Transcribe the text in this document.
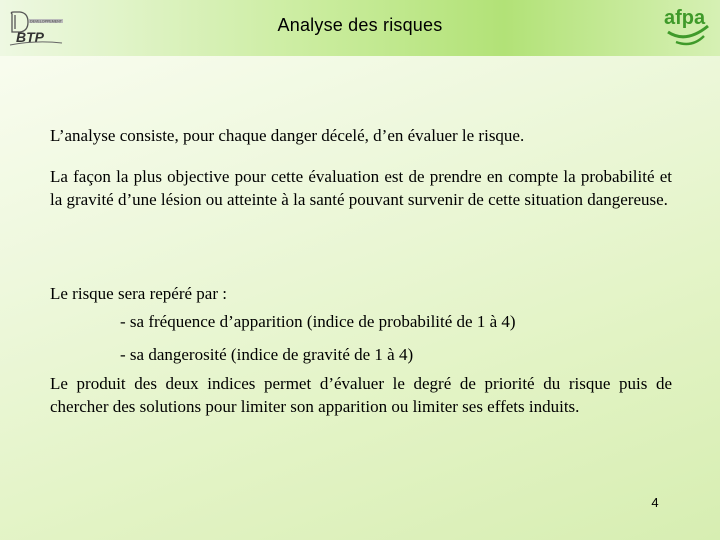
DEVELOPPEMENT
BTP
Analyse des risques	afpa
L’analyse consiste, pour chaque danger décelé, d’en évaluer le risque.
La façon la plus objective pour cette évaluation est de prendre en compte la probabilité et la gravité d’une lésion ou atteinte à la santé pouvant survenir de cette situation dangereuse.
Le risque sera repéré par :
- sa fréquence d’apparition (indice de probabilité de 1 à 4)
- sa dangerosité (indice de gravité de 1 à 4)
Le produit des deux indices permet d’évaluer le degré de priorité du risque puis de chercher des solutions pour limiter son apparition ou limiter ses effets induits.
4
